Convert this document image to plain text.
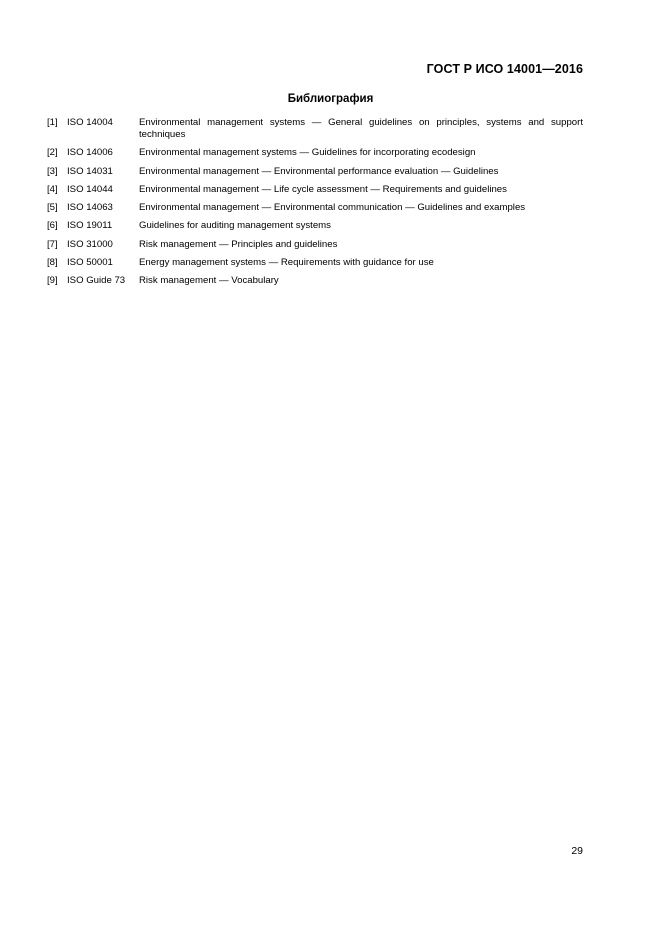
ГОСТ Р ИСО 14001—2016
Библиография
[1] ISO 14004	Environmental management systems — General guidelines on principles, systems and support techniques
[2] ISO 14006	Environmental management systems — Guidelines for incorporating ecodesign
[3] ISO 14031	Environmental management — Environmental performance evaluation — Guidelines
[4] ISO 14044	Environmental management — Life cycle assessment — Requirements and guidelines
[5] ISO 14063	Environmental management — Environmental communication — Guidelines and examples
[6] ISO 19011	Guidelines for auditing management systems
[7] ISO 31000	Risk management — Principles and guidelines
[8] ISO 50001	Energy management systems — Requirements with guidance for use
[9] ISO Guide 73	Risk management — Vocabulary
29
